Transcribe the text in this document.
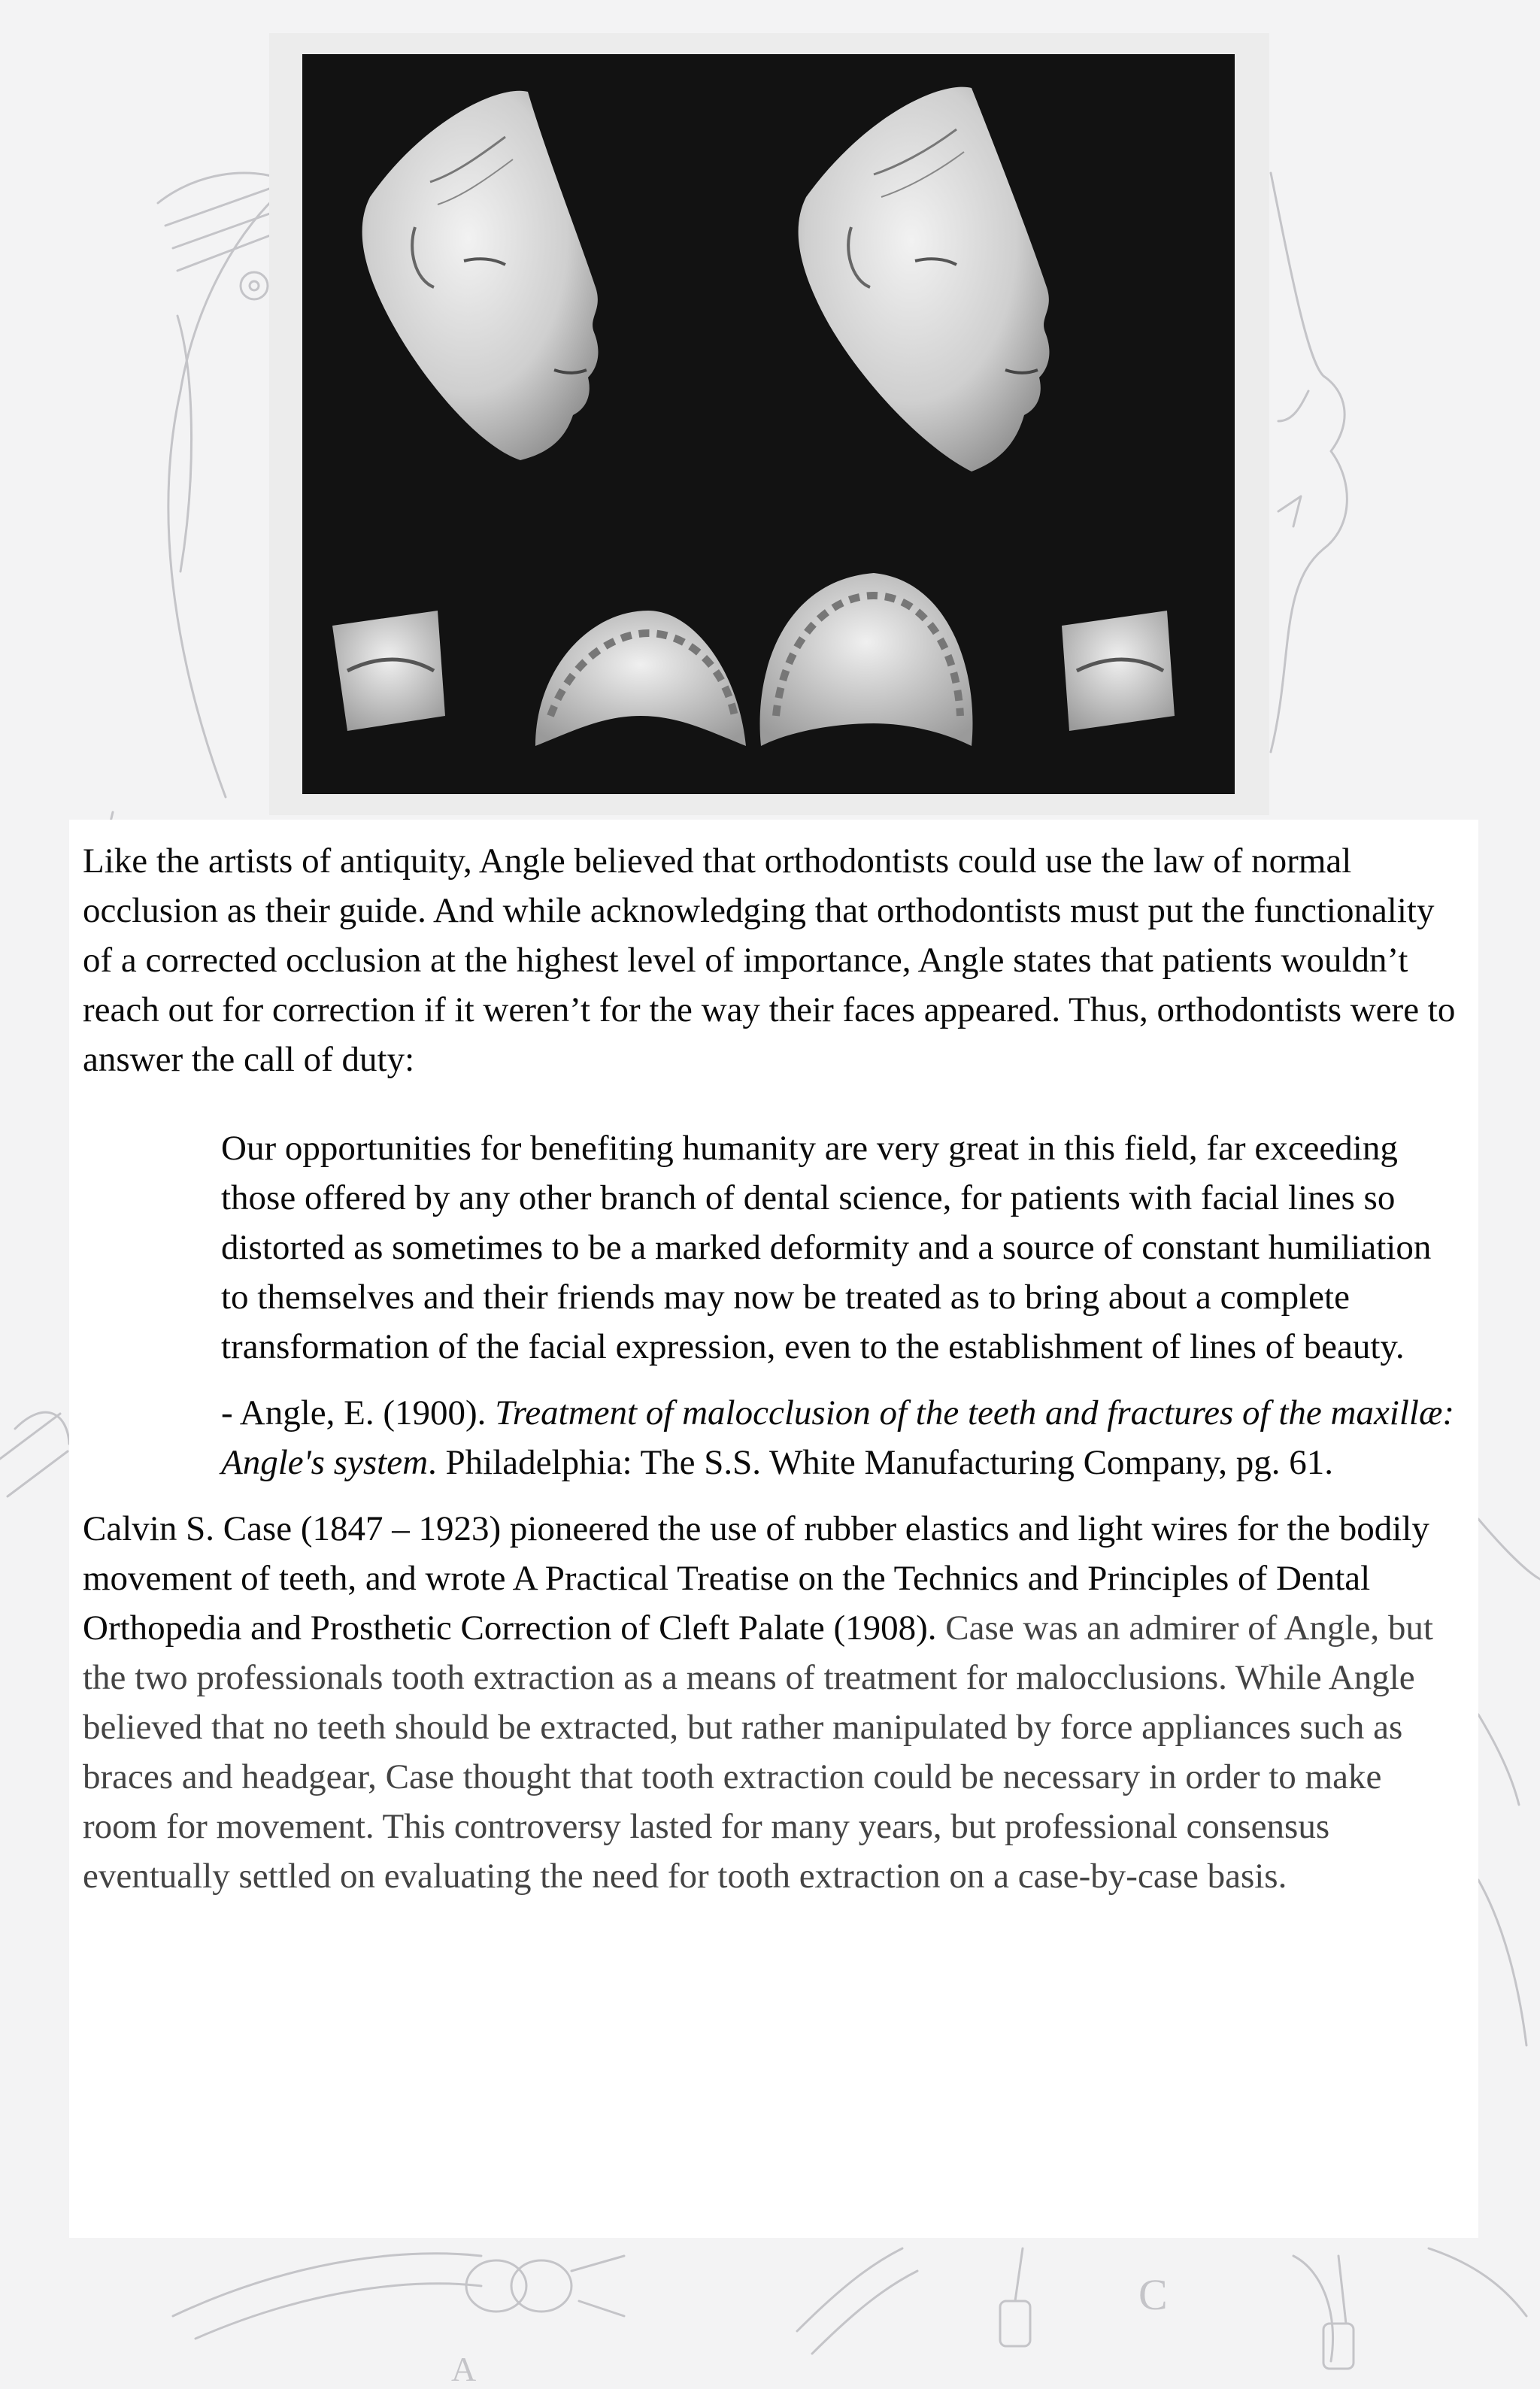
Like the artists of antiquity, Angle believed that orthodontists could use the law of normal occlusion as their guide. And while acknowledging that orthodontists must put the functionality of a corrected occlusion at the highest level of importance, Angle states that patients wouldn’t reach out for correction if it weren’t for the way their faces appeared. Thus, orthodontists were to answer the call of duty:

Our opportunities for benefiting humanity are very great in this field, far exceeding those offered by any other branch of dental science, for patients with facial lines so distorted as sometimes to be a marked deformity and a source of constant humiliation to themselves and their friends may now be treated as to bring about a complete transformation of the facial expression, even to the establishment of lines of beauty.

- Angle, E. (1900). Treatment of malocclusion of the teeth and fractures of the maxillæ: Angle's system. Philadelphia: The S.S. White Manufacturing Company, pg. 61.

Calvin S. Case (1847 – 1923) pioneered the use of rubber elastics and light wires for the bodily movement of teeth, and wrote A Practical Treatise on the Technics and Principles of Dental Orthopedia and Prosthetic Correction of Cleft Palate (1908). Case was an admirer of Angle, but the two professionals tooth extraction as a means of treatment for malocclusions. While Angle believed that no teeth should be extracted, but rather manipulated by force appliances such as braces and headgear, Case thought that tooth extraction could be necessary in order to make room for movement. This controversy lasted for many years, but professional consensus eventually settled on evaluating the need for tooth extraction on a case-by-case basis.

C
A
